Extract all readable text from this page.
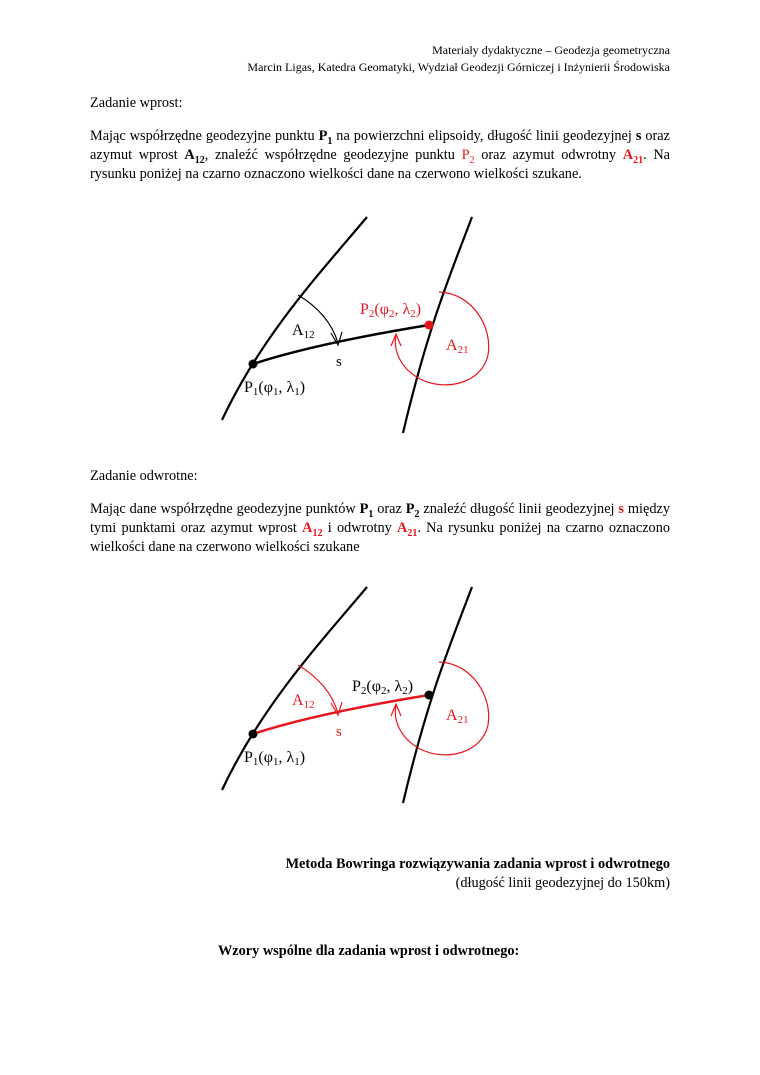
Materiały dydaktyczne – Geodezja geometryczna
Marcin Ligas, Katedra Geomatyki, Wydział Geodezji Górniczej i Inżynierii Środowiska
Zadanie wprost:
Mając współrzędne geodezyjne punktu $P_1$ na powierzchni elipsoidy, długość linii geodezyjnej s oraz azymut wprost $A_{12}$, znaleźć współrzędne geodezyjne punktu $P_2$ oraz azymut odwrotny $A_{21}$. Na rysunku poniżej na czarno oznaczono wielkości dane na czerwono wielkości szukane.
A12
s
P1(φ1, λ1)
P2(φ2, λ2)
A21
Zadanie odwrotne:
Mając dane współrzędne geodezyjne punktów $P_1$ oraz $P_2$ znaleźć długość linii geodezyjnej s między tymi punktami oraz azymut wprost $A_{12}$ i odwrotny $A_{21}$. Na rysunku poniżej na czarno oznaczono wielkości dane na czerwono wielkości szukane
A12
s
P1(φ1, λ1)
P2(φ2, λ2)
A21
Metoda Bowringa rozwiązywania zadania wprost i odwrotnego
(długość linii geodezyjnej do 150km)
Wzory wspólne dla zadania wprost i odwrotnego:
